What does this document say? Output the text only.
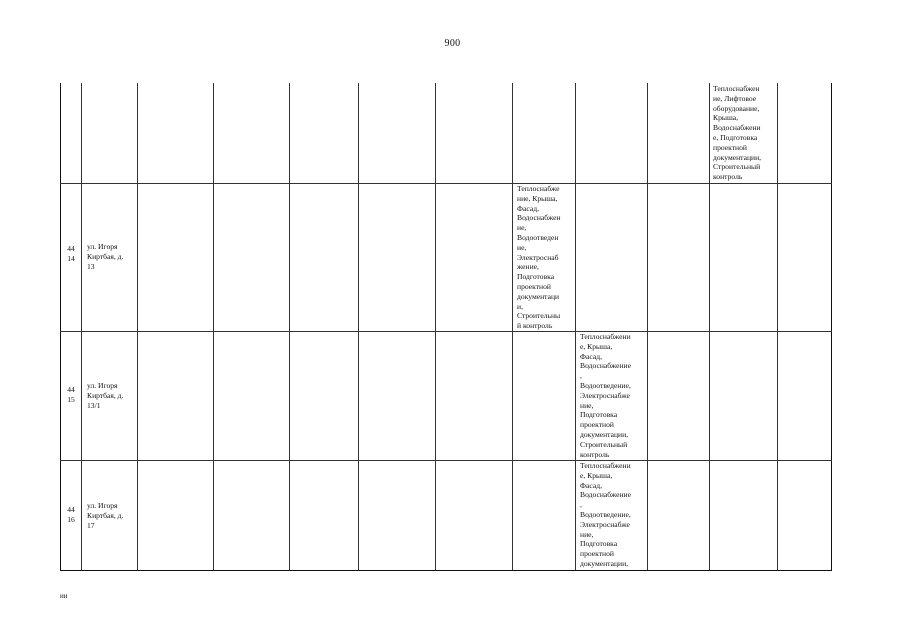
900
Теплоснабжен
ие, Лифтовое
оборудование,
Крыша,
Водоснабжени
е, Подготовка
проектной
документации,
Строительный
контроль
44
14
ул. Игоря
Киртбая, д.
13
Теплоснабже
ние, Крыша,
Фасад,
Водоснабжен
ие,
Водоотведен
ие,
Электроснаб
жение,
Подготовка
проектной
документаци
и,
Строительны
й контроль
44
15
ул. Игоря
Киртбая, д.
13/1
Теплоснабжени
е, Крыша,
Фасад,
Водоснабжение
,
Водоотведение,
Электроснабже
ние,
Подготовка
проектной
документации,
Строительный
контроль
44
16
ул. Игоря
Киртбая, д.
17
Теплоснабжени
е, Крыша,
Фасад,
Водоснабжение
,
Водоотведение,
Электроснабже
ние,
Подготовка
проектной
документации,
ии
